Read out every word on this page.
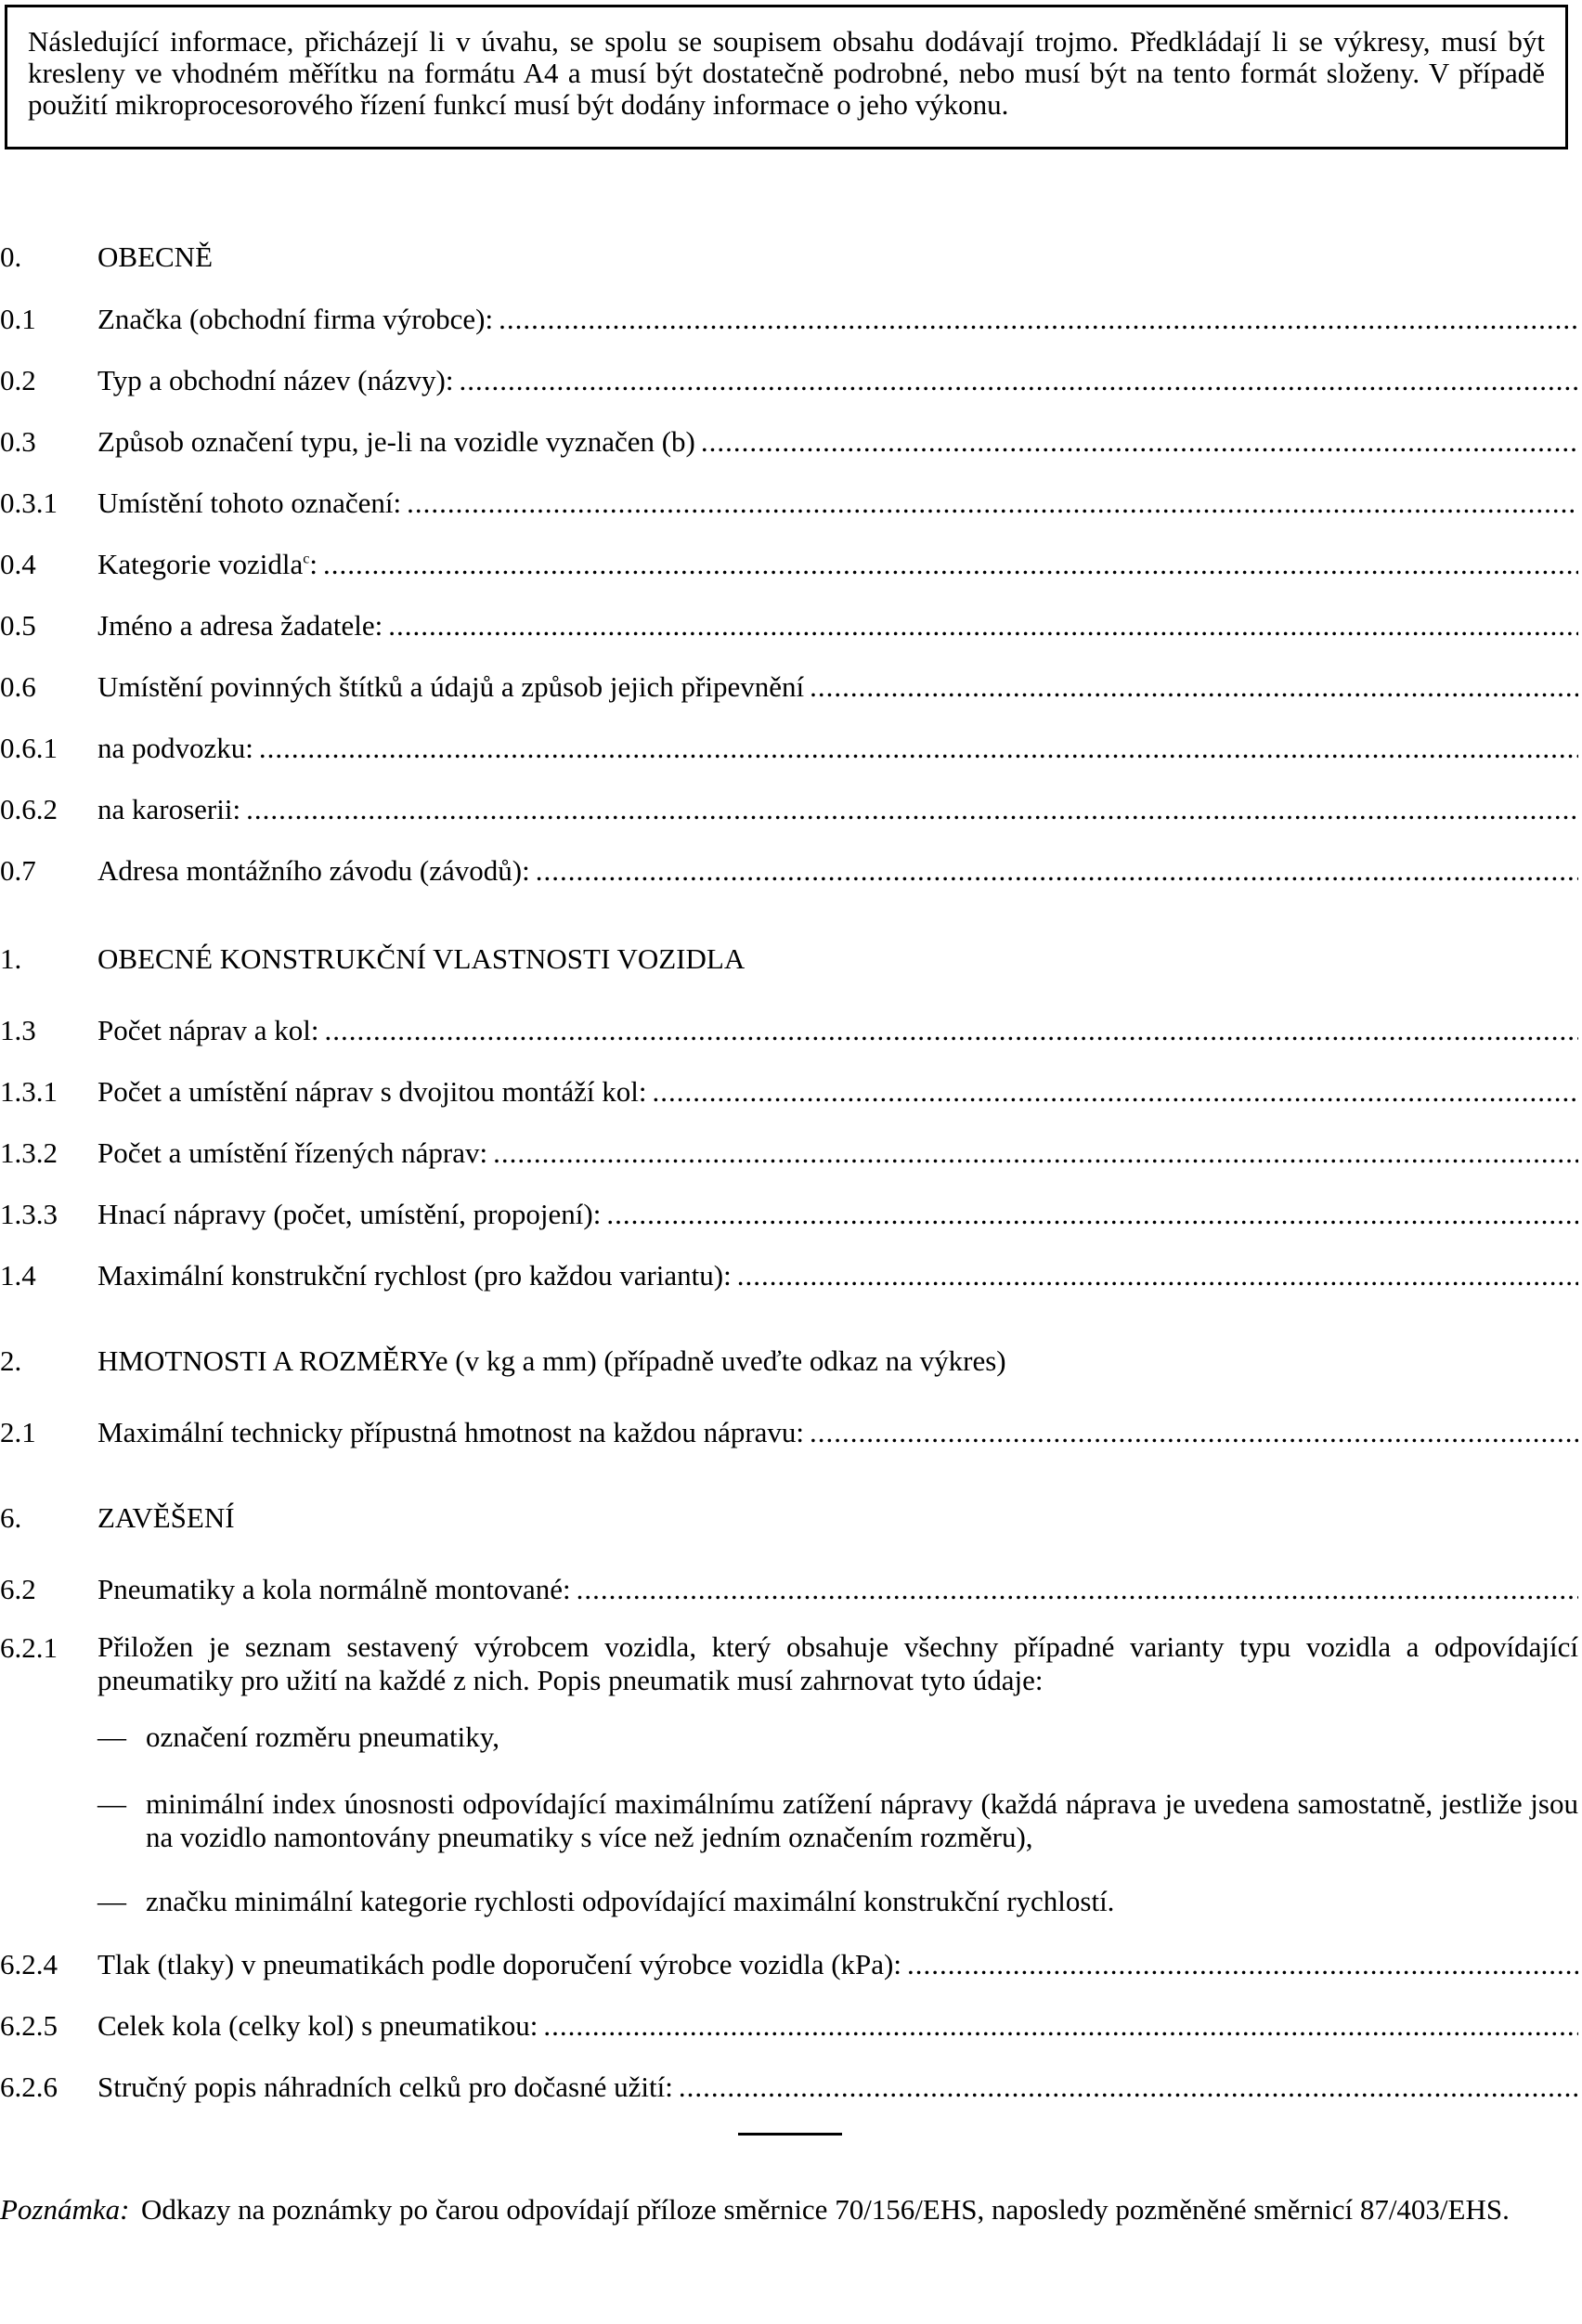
Následující informace, přicházejí li v úvahu, se spolu se soupisem obsahu dodávají trojmo. Předkládají li se výkresy, musí být kresleny ve vhodném měřítku na formátu A4 a musí být dostatečně podrobné, nebo musí být na tento formát složeny. V případě použití mikroprocesorového řízení funkcí musí být dodány informace o jeho výkonu.
0.	OBECNĚ
0.1	Značka (obchodní firma výrobce):
.....
0.2	Typ a obchodní název (názvy):
.....
0.3	Způsob označení typu, je-li na vozidle vyznačen (b)
.....
0.3.1	Umístění tohoto označení:
.....
0.4	Kategorie vozidla$^c$:
.....
0.5	Jméno a adresa žadatele:
.....
0.6	Umístění povinných štítků a údajů a způsob jejich připevnění
.....
0.6.1	na podvozku:
.....
0.6.2	na karoserii:
.....
0.7	Adresa montážního závodu (závodů):
.....
1.	OBECNÉ KONSTRUKČNÍ VLASTNOSTI VOZIDLA
1.3	Počet náprav a kol:
.....
1.3.1	Počet a umístění náprav s dvojitou montáží kol:
.....
1.3.2	Počet a umístění řízených náprav:
.....
1.3.3	Hnací nápravy (počet, umístění, propojení):
.....
1.4	Maximální konstrukční rychlost (pro každou variantu):
.....
2.	HMOTNOSTI A ROZMĚRYe (v kg a mm) (případně uveďte odkaz na výkres)
2.1	Maximální technicky přípustná hmotnost na každou nápravu:
.....
6.	ZAVĚŠENÍ
6.2	Pneumatiky a kola normálně montované:
.....
6.2.1	Přiložen je seznam sestavený výrobcem vozidla, který obsahuje všechny případné varianty typu vozidla a odpovídající pneumatiky pro užití na každé z nich. Popis pneumatik musí zahrnovat tyto údaje:
— označení rozměru pneumatiky,
— minimální index únosnosti odpovídající maximálnímu zatížení nápravy (každá náprava je uvedena samostatně, jestliže jsou na vozidlo namontovány pneumatiky s více než jedním označením rozměru),
— značku minimální kategorie rychlosti odpovídající maximální konstrukční rychlostí.
6.2.4	Tlak (tlaky) v pneumatikách podle doporučení výrobce vozidla (kPa):
.....
6.2.5	Celek kola (celky kol) s pneumatikou:
.....
6.2.6	Stručný popis náhradních celků pro dočasné užití:
.....
Poznámka: Odkazy na poznámky po čarou odpovídají příloze směrnice 70/156/EHS, naposledy pozměněné směrnicí 87/403/EHS.
